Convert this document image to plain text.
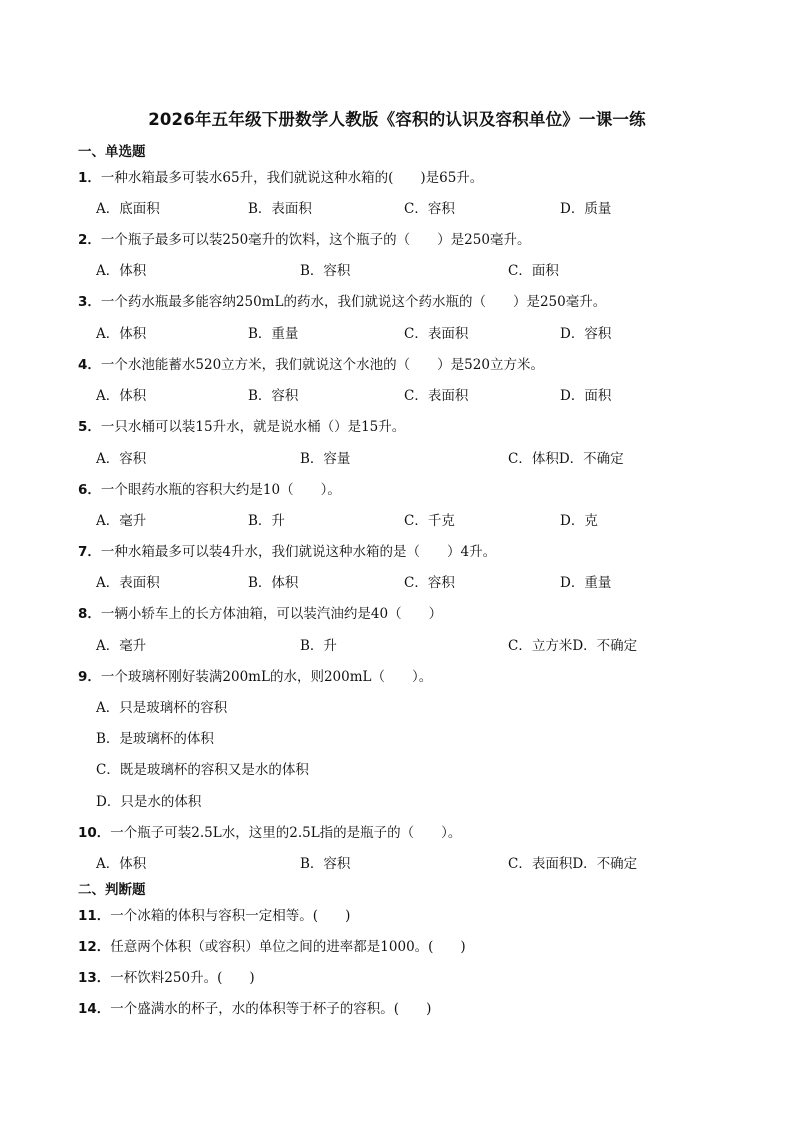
2026年五年级下册数学人教版《容积的认识及容积单位》一课一练
一、单选题
1．一种水箱最多可装水65升，我们就说这种水箱的(　　)是65升。
A．底面积	B．表面积	C．容积	D．质量
2．一个瓶子最多可以装250毫升的饮料，这个瓶子的（　　）是250毫升。
A．体积	B．容积	C．面积
3．一个药水瓶最多能容纳250mL的药水，我们就说这个药水瓶的（　　）是250毫升。
A．体积	B．重量	C．表面积	D．容积
4．一个水池能蓄水520立方米，我们就说这个水池的（　　）是520立方米。
A．体积	B．容积	C．表面积	D．面积
5．一只水桶可以装15升水，就是说水桶（）是15升。
A．容积	B．容量	C．体积D．不确定
6．一个眼药水瓶的容积大约是10（　　）。
A．毫升	B．升	C．千克	D．克
7．一种水箱最多可以装4升水，我们就说这种水箱的是（　　）4升。
A．表面积	B．体积	C．容积	D．重量
8．一辆小轿车上的长方体油箱，可以装汽油约是40（　　）
A．毫升	B．升	C．立方米D．不确定
9．一个玻璃杯刚好装满200mL的水，则200mL（　　）。
A．只是玻璃杯的容积
B．是玻璃杯的体积
C．既是玻璃杯的容积又是水的体积
D．只是水的体积
10．一个瓶子可装2.5L水，这里的2.5L指的是瓶子的（　　）。
A．体积	B．容积	C．表面积D．不确定
二、判断题
11．一个冰箱的体积与容积一定相等。(　　)
12．任意两个体积（或容积）单位之间的进率都是1000。(　　)
13．一杯饮料250升。(　　)
14．一个盛满水的杯子，水的体积等于杯子的容积。(　　)
